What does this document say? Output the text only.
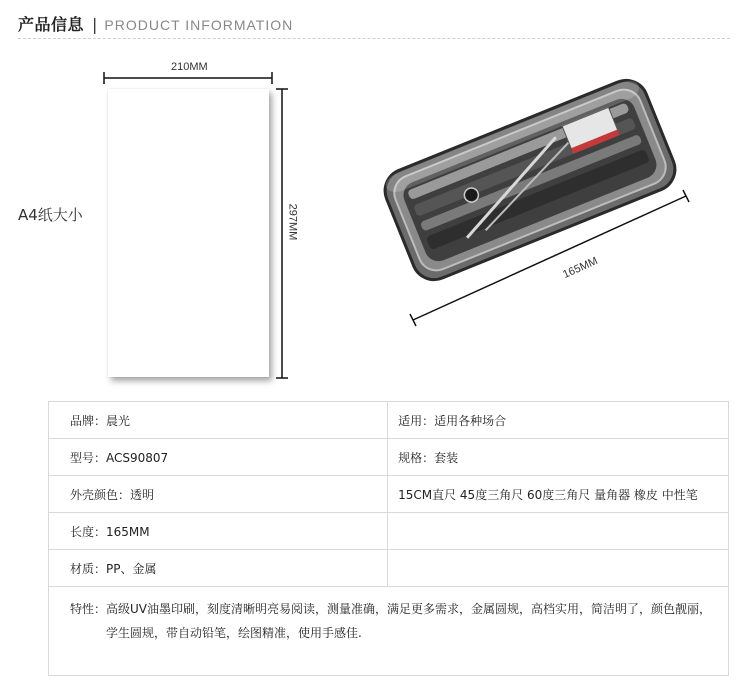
产品信息 | PRODUCT INFORMATION
A4纸大小
210MM
297MM
165MM
品牌：晨光	适用：适用各种场合
型号：ACS90807	规格：套装
外壳颜色：透明	15CM直尺 45度三角尺 60度三角尺 量角器 橡皮 中性笔
长度：165MM	
材质：PP、金属	

特性：高级UV油墨印刷，刻度清晰明亮易阅读，测量准确，满足更多需求，金属圆规，高档实用，简洁明了，颜色靓丽，
学生圆规，带自动铅笔，绘图精准，使用手感佳.	
